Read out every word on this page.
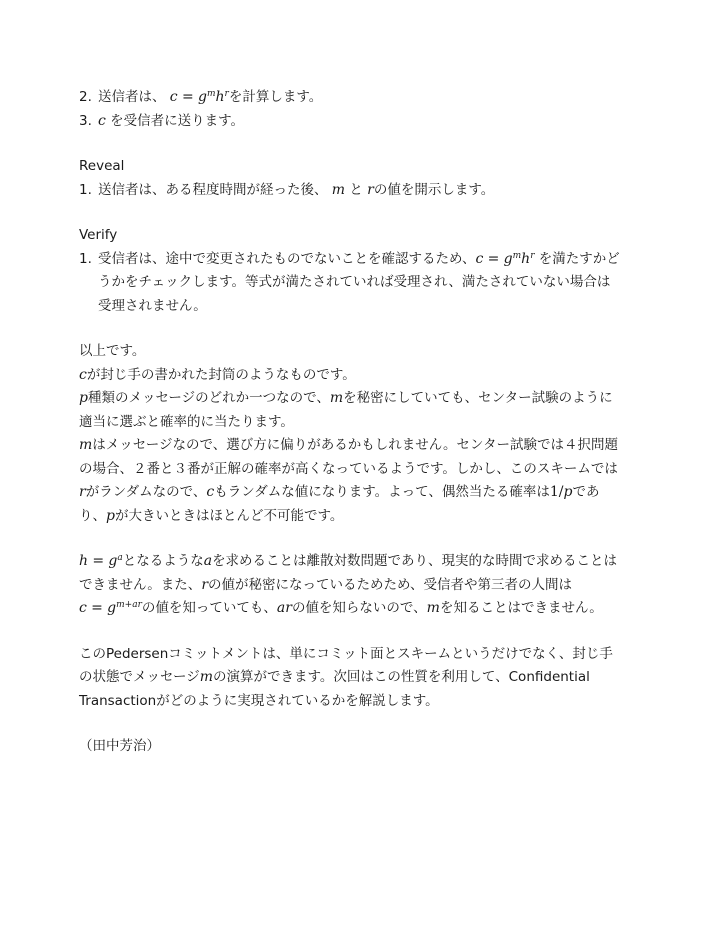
2. 送信者は、 $c = g^mh^r$を計算します。
3. c を受信者に送ります。
Reveal
1. 送信者は、ある程度時間が経った後、 m と rの値を開示します。
Verify
1. 受信者は、途中で変更されたものでないことを確認するため、$c = g^mh^r$ を満たすかど
うかをチェックします。等式が満たされていれば受理され、満たされていない場合は
受理されません。
以上です。
cが封じ手の書かれた封筒のようなものです。
p種類のメッセージのどれか一つなので、mを秘密にしていても、センター試験のように
適当に選ぶと確率的に当たります。
mはメッセージなので、選び方に偏りがあるかもしれません。センター試験では４択問題
の場合、２番と３番が正解の確率が高くなっているようです。しかし、このスキームでは
rがランダムなので、cもランダムな値になります。よって、偶然当たる確率は1/pであ
り、pが大きいときはほとんど不可能です。
$h = g^a$となるようなaを求めることは離散対数問題であり、現実的な時間で求めることは
できません。また、rの値が秘密になっているためため、受信者や第三者の人間は
$c = g^{m+ar}$の値を知っていても、arの値を知らないので、mを知ることはできません。
このPedersenコミットメントは、単にコミット面とスキームというだけでなく、封じ手
の状態でメッセージmの演算ができます。次回はこの性質を利用して、Confidential
Transactionがどのように実現されているかを解説します。
（田中芳治）
